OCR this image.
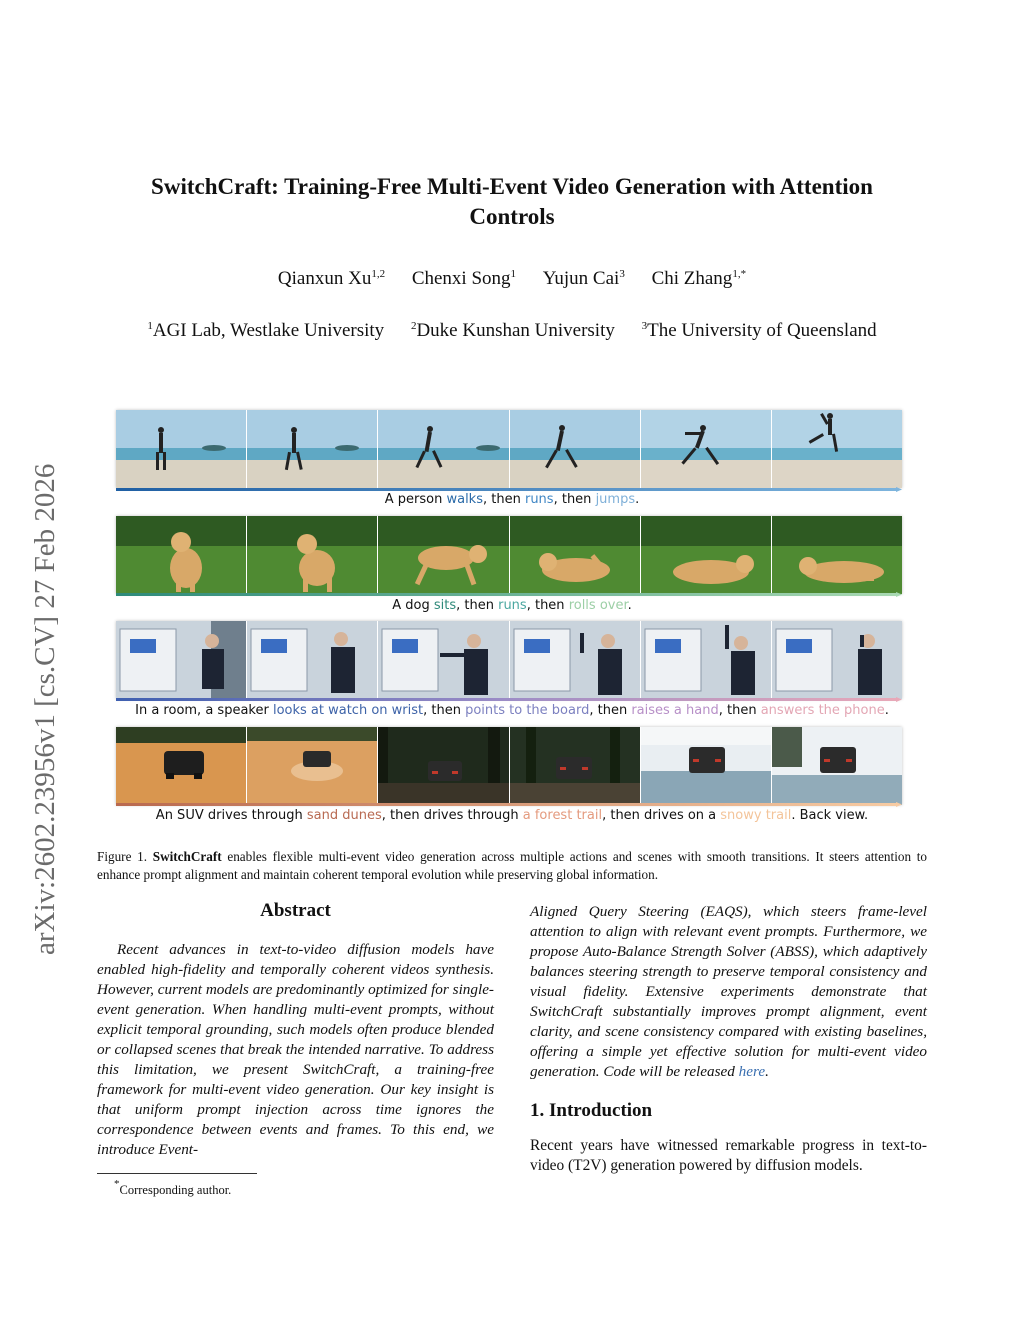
arXiv:2602.23956v1 [cs.CV] 27 Feb 2026
SwitchCraft: Training-Free Multi-Event Video Generation with Attention Controls
Qianxun Xu$^{1,2}$ Chenxi Song$^1$ Yujun Cai$^3$ Chi Zhang$^{1,*}$
$^1$AGI Lab, Westlake University $^2$Duke Kunshan University $^3$The University of Queensland
A person walks, then runs, then jumps.
A dog sits, then runs, then rolls over.
In a room, a speaker looks at watch on wrist, then points to the board, then raises a hand, then answers the phone.
An SUV drives through sand dunes, then drives through a forest trail, then drives on a snowy trail. Back view.
Figure 1. SwitchCraft enables flexible multi-event video generation across multiple actions and scenes with smooth transitions. It steers attention to enhance prompt alignment and maintain coherent temporal evolution while preserving global information.
Abstract
Recent advances in text-to-video diffusion models have enabled high-fidelity and temporally coherent videos synthesis. However, current models are predominantly optimized for single-event generation. When handling multi-event prompts, without explicit temporal grounding, such models often produce blended or collapsed scenes that break the intended narrative. To address this limitation, we present SwitchCraft, a training-free framework for multi-event video generation. Our key insight is that uniform prompt injection across time ignores the correspondence between events and frames. To this end, we introduce Event-
Aligned Query Steering (EAQS), which steers frame-level attention to align with relevant event prompts. Furthermore, we propose Auto-Balance Strength Solver (ABSS), which adaptively balances steering strength to preserve temporal consistency and visual fidelity. Extensive experiments demonstrate that SwitchCraft substantially improves prompt alignment, event clarity, and scene consistency compared with existing baselines, offering a simple yet effective solution for multi-event video generation. Code will be released here.
1. Introduction
Recent years have witnessed remarkable progress in text-to-video (T2V) generation powered by diffusion models.
*Corresponding author.
